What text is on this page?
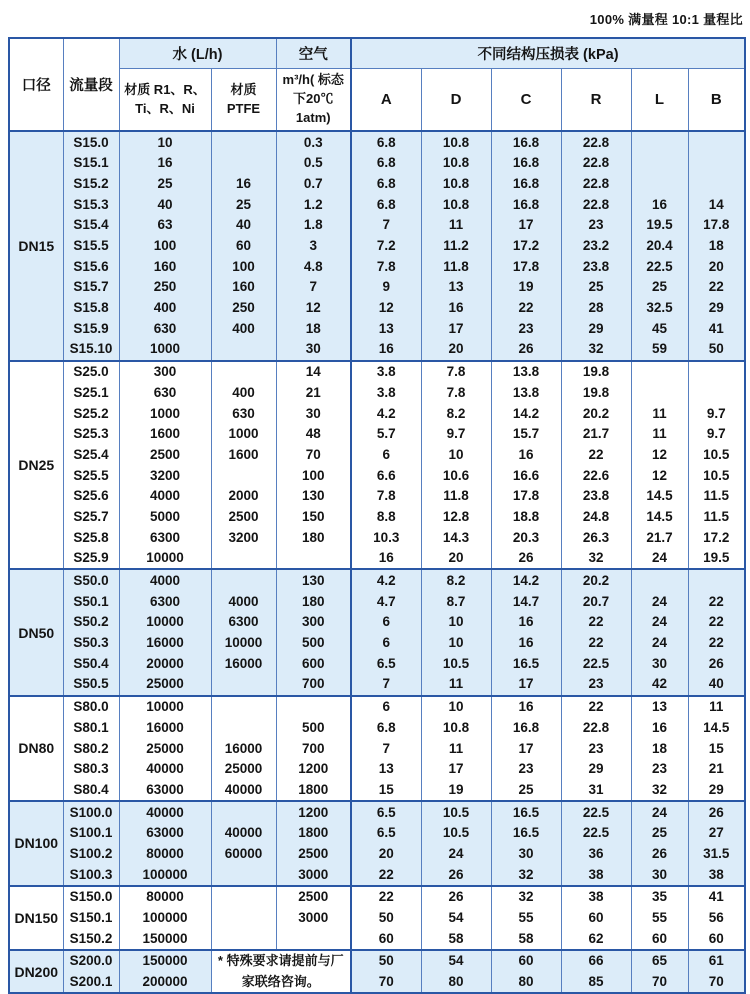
100% 满量程 10:1 量程比
口径	流量段	水 (L/h)		空气	不同结构压损表 (kPa)					
		材质 R1、R、Ti、R、Ni	材质 PTFE	m³/h( 标态下20℃ 1atm)	A	D	C	R	L	B
DN15	S15.0	10		0.3	6.8	10.8	16.8	22.8		
	S15.1	16		0.5	6.8	10.8	16.8	22.8		
	S15.2	25	16	0.7	6.8	10.8	16.8	22.8		
	S15.3	40	25	1.2	6.8	10.8	16.8	22.8	16	14
	S15.4	63	40	1.8	7	11	17	23	19.5	17.8
	S15.5	100	60	3	7.2	11.2	17.2	23.2	20.4	18
	S15.6	160	100	4.8	7.8	11.8	17.8	23.8	22.5	20
	S15.7	250	160	7	9	13	19	25	25	22
	S15.8	400	250	12	12	16	22	28	32.5	29
	S15.9	630	400	18	13	17	23	29	45	41
	S15.10	1000		30	16	20	26	32	59	50
DN25	S25.0	300		14	3.8	7.8	13.8	19.8		
	S25.1	630	400	21	3.8	7.8	13.8	19.8		
	S25.2	1000	630	30	4.2	8.2	14.2	20.2	11	9.7
	S25.3	1600	1000	48	5.7	9.7	15.7	21.7	11	9.7
	S25.4	2500	1600	70	6	10	16	22	12	10.5
	S25.5	3200		100	6.6	10.6	16.6	22.6	12	10.5
	S25.6	4000	2000	130	7.8	11.8	17.8	23.8	14.5	11.5
	S25.7	5000	2500	150	8.8	12.8	18.8	24.8	14.5	11.5
	S25.8	6300	3200	180	10.3	14.3	20.3	26.3	21.7	17.2
	S25.9	10000			16	20	26	32	24	19.5
DN50	S50.0	4000		130	4.2	8.2	14.2	20.2		
	S50.1	6300	4000	180	4.7	8.7	14.7	20.7	24	22
	S50.2	10000	6300	300	6	10	16	22	24	22
	S50.3	16000	10000	500	6	10	16	22	24	22
	S50.4	20000	16000	600	6.5	10.5	16.5	22.5	30	26
	S50.5	25000		700	7	11	17	23	42	40
DN80	S80.0	10000			6	10	16	22	13	11
	S80.1	16000		500	6.8	10.8	16.8	22.8	16	14.5
	S80.2	25000	16000	700	7	11	17	23	18	15
	S80.3	40000	25000	1200	13	17	23	29	23	21
	S80.4	63000	40000	1800	15	19	25	31	32	29
DN100	S100.0	40000		1200	6.5	10.5	16.5	22.5	24	26
	S100.1	63000	40000	1800	6.5	10.5	16.5	22.5	25	27
	S100.2	80000	60000	2500	20	24	30	36	26	31.5
	S100.3	100000		3000	22	26	32	38	30	38
DN150	S150.0	80000		2500	22	26	32	38	35	41
	S150.1	100000		3000	50	54	55	60	55	56
	S150.2	150000			60	58	58	62	60	60
DN200	S200.0	150000	* 特殊要求请提前与厂家联络咨询。		50	54	60	66	65	61
	S200.1	200000			70	80	80	85	70	70
